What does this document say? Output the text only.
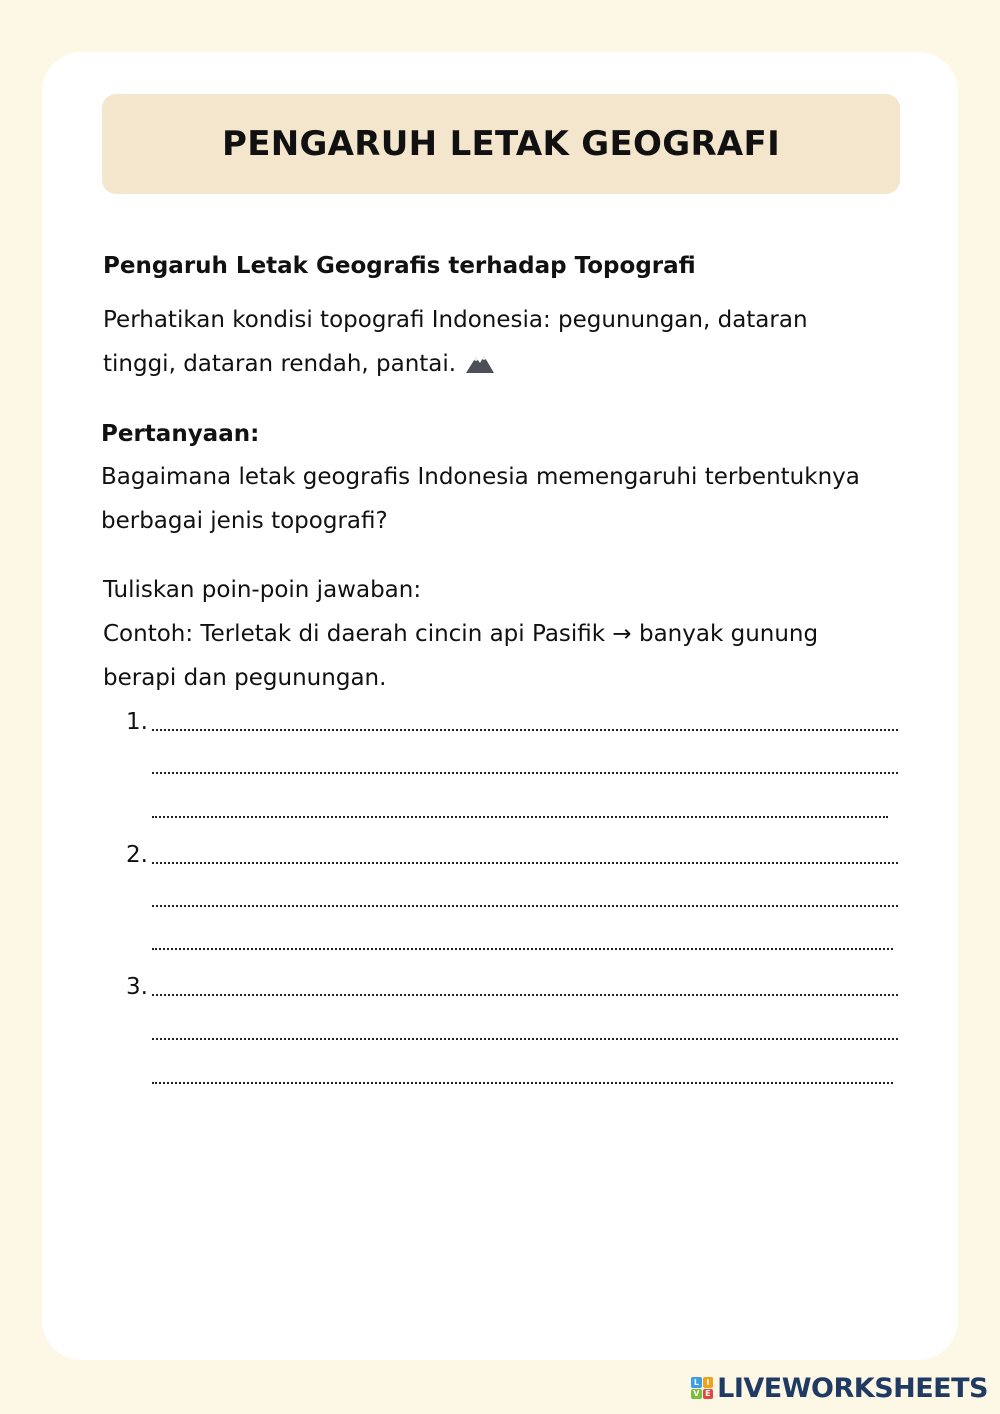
PENGARUH LETAK GEOGRAFI
Pengaruh Letak Geografis terhadap Topografi

Perhatikan kondisi topografi Indonesia: pegunungan, dataran
tinggi, dataran rendah, pantai.

Pertanyaan:

Bagaimana letak geografis Indonesia memengaruhi terbentuknya
berbagai jenis topografi?

Tuliskan poin-poin jawaban:

Contoh: Terletak di daerah cincin api Pasifik → banyak gunung
berapi dan pegunungan.

1.
2.
3.
L I
V E LIVEWORKSHEETS
